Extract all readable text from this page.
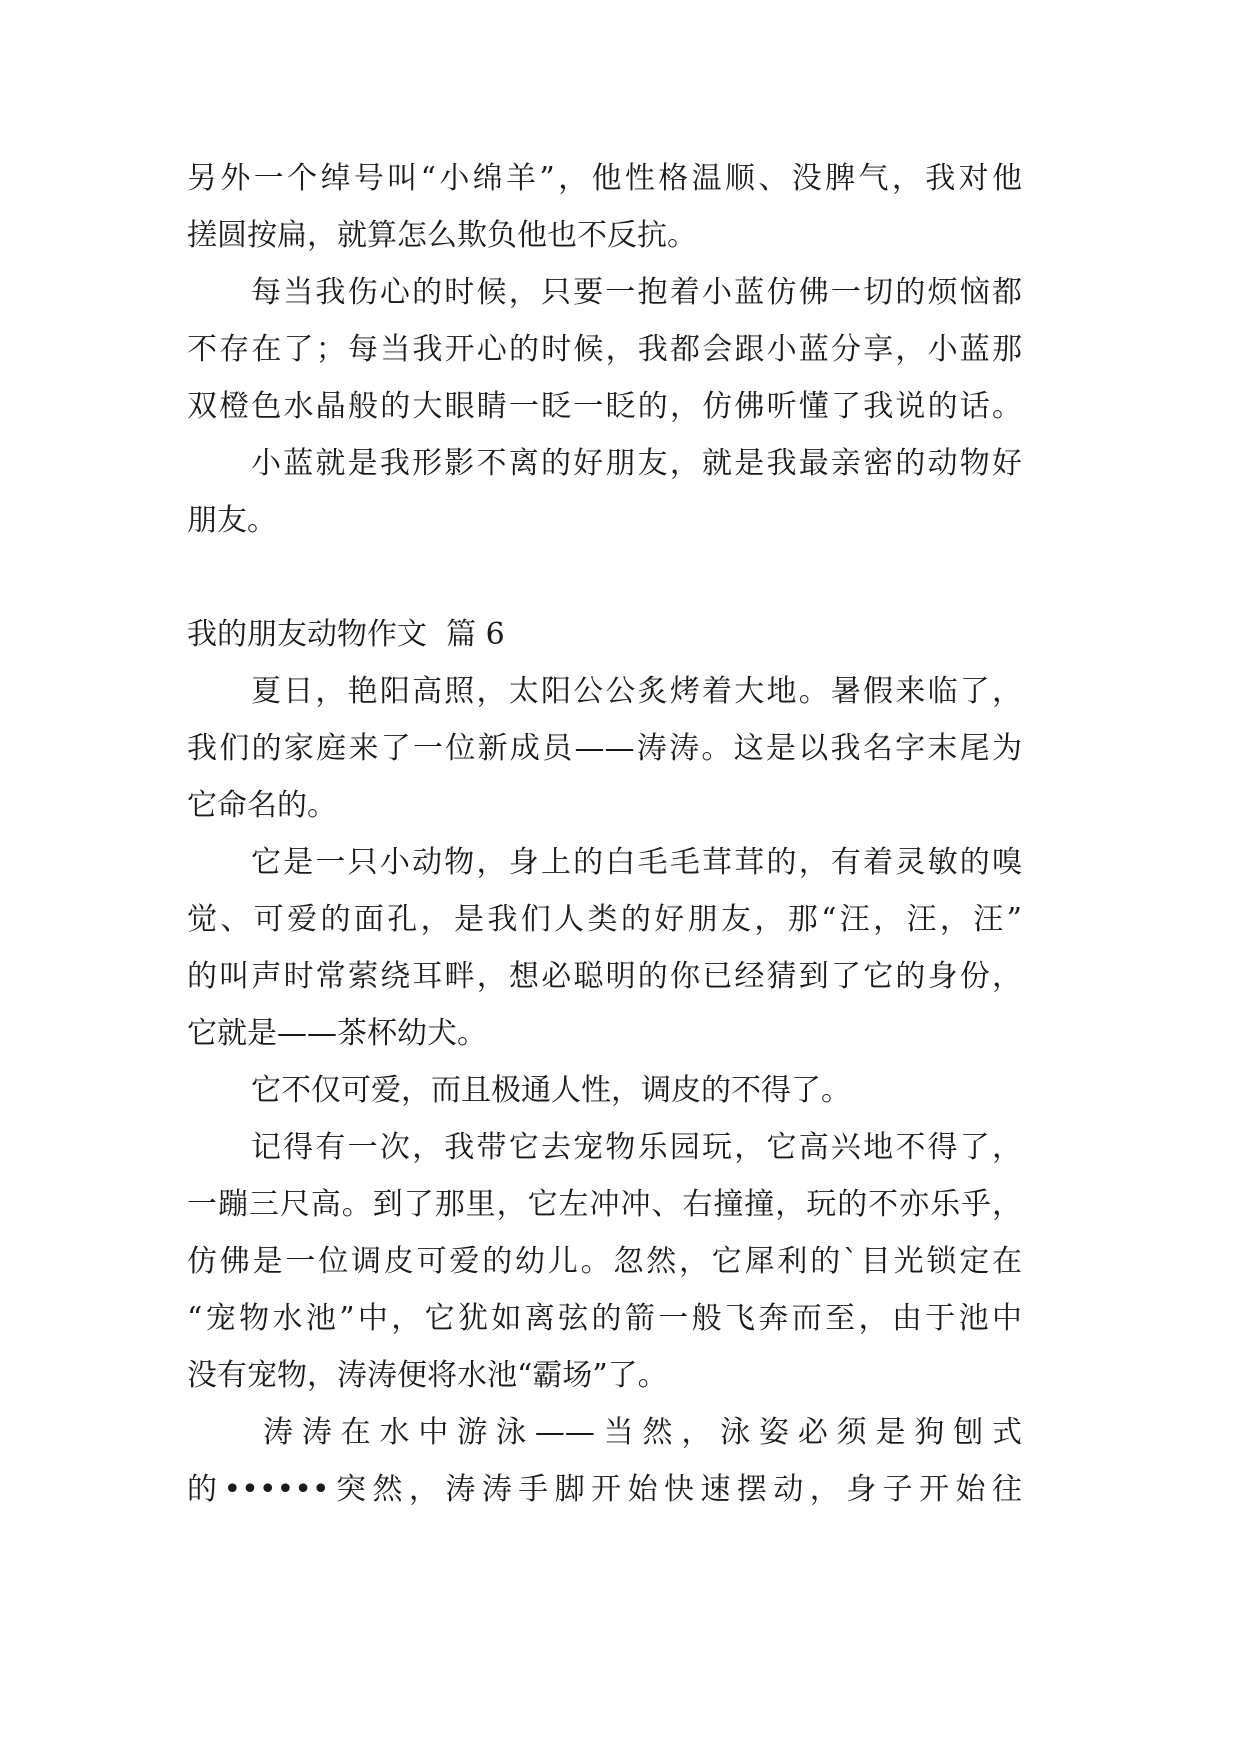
另外一个绰号叫“小绵羊”，他性格温顺、没脾气，我对他
搓圆按扁，就算怎么欺负他也不反抗。
每当我伤心的时候，只要一抱着小蓝仿佛一切的烦恼都
不存在了；每当我开心的时候，我都会跟小蓝分享，小蓝那
双橙色水晶般的大眼睛一眨一眨的，仿佛听懂了我说的话。
小蓝就是我形影不离的好朋友，就是我最亲密的动物好
朋友。
我的朋友动物作文  篇 6
夏日，艳阳高照，太阳公公炙烤着大地。暑假来临了，
我们的家庭来了一位新成员——涛涛。这是以我名字末尾为
它命名的。
它是一只小动物，身上的白毛毛茸茸的，有着灵敏的嗅
觉、可爱的面孔，是我们人类的好朋友，那“汪，汪，汪”
的叫声时常萦绕耳畔，想必聪明的你已经猜到了它的身份，
它就是——茶杯幼犬。
它不仅可爱，而且极通人性，调皮的不得了。
记得有一次，我带它去宠物乐园玩，它高兴地不得了，
一蹦三尺高。到了那里，它左冲冲、右撞撞，玩的不亦乐乎，
仿佛是一位调皮可爱的幼儿。忽然，它犀利的`目光锁定在
“宠物水池”中，它犹如离弦的箭一般飞奔而至，由于池中
没有宠物，涛涛便将水池“霸场”了。
涛涛在水中游泳——当然，泳姿必须是狗刨式
的••••••突然，涛涛手脚开始快速摆动，身子开始往
